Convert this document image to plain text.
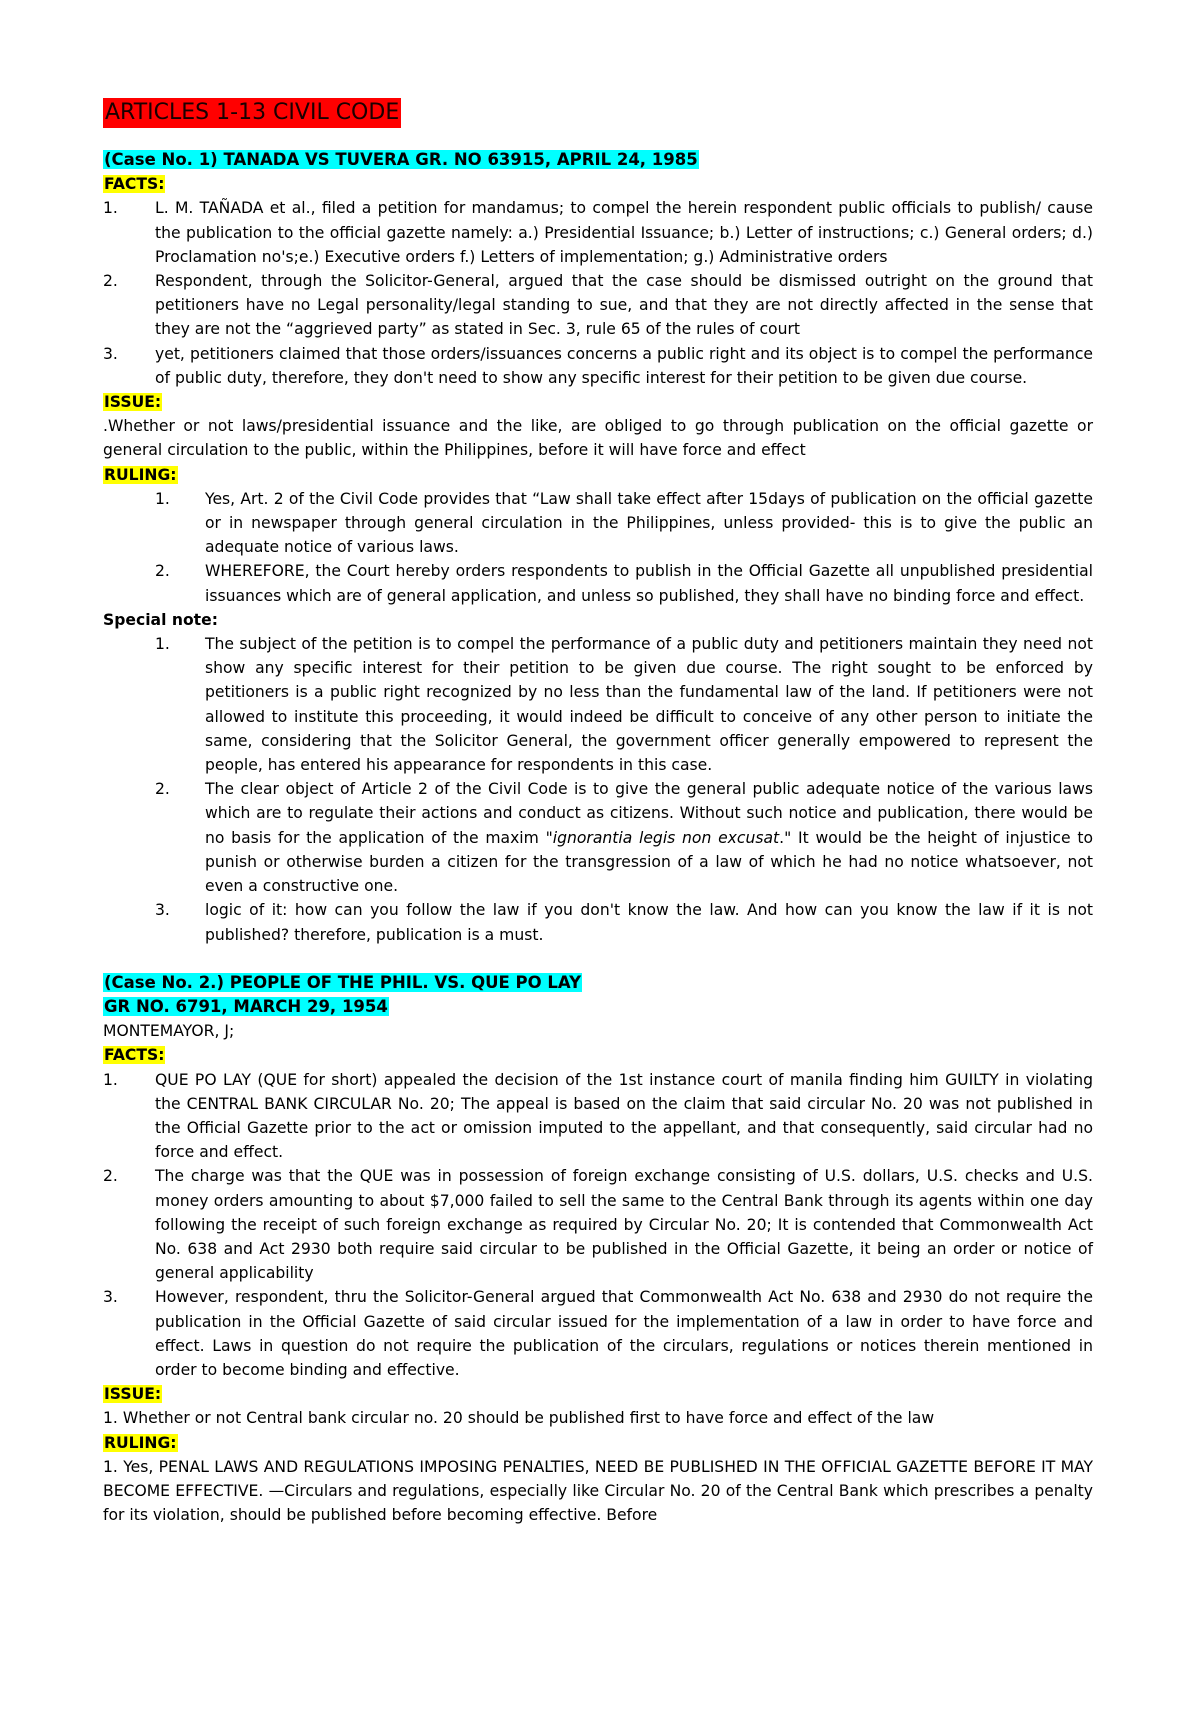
ARTICLES 1-13 CIVIL CODE
(Case No. 1) TANADA VS TUVERA GR. NO 63915, APRIL 24, 1985
FACTS:
1. L. M. TAÑADA et al., filed a petition for mandamus; to compel the herein respondent public officials to publish/ cause the publication to the official gazette namely: a.) Presidential Issuance; b.) Letter of instructions; c.) General orders; d.) Proclamation no's;e.) Executive orders f.) Letters of implementation; g.) Administrative orders
2. Respondent, through the Solicitor-General, argued that the case should be dismissed outright on the ground that petitioners have no Legal personality/legal standing to sue, and that they are not directly affected in the sense that they are not the “aggrieved party” as stated in Sec. 3, rule 65 of the rules of court
3. yet, petitioners claimed that those orders/issuances concerns a public right and its object is to compel the performance of public duty, therefore, they don't need to show any specific interest for their petition to be given due course.
ISSUE:

.Whether or not laws/presidential issuance and the like, are obliged to go through publication on the official gazette or general circulation to the public, within the Philippines, before it will have force and effect

RULING:
1. Yes, Art. 2 of the Civil Code provides that “Law shall take effect after 15days of publication on the official gazette or in newspaper through general circulation in the Philippines, unless provided- this is to give the public an adequate notice of various laws.
2. WHEREFORE, the Court hereby orders respondents to publish in the Official Gazette all unpublished presidential issuances which are of general application, and unless so published, they shall have no binding force and effect.
Special note:
1. The subject of the petition is to compel the performance of a public duty and petitioners maintain they need not show any specific interest for their petition to be given due course. The right sought to be enforced by petitioners is a public right recognized by no less than the fundamental law of the land. If petitioners were not allowed to institute this proceeding, it would indeed be difficult to conceive of any other person to initiate the same, considering that the Solicitor General, the government officer generally empowered to represent the people, has entered his appearance for respondents in this case.
2. The clear object of Article 2 of the Civil Code is to give the general public adequate notice of the various laws which are to regulate their actions and conduct as citizens. Without such notice and publication, there would be no basis for the application of the maxim "ignorantia legis non excusat." It would be the height of injustice to punish or otherwise burden a citizen for the transgression of a law of which he had no notice whatsoever, not even a constructive one.
3. logic of it: how can you follow the law if you don't know the law. And how can you know the law if it is not published? therefore, publication is a must.
(Case No. 2.) PEOPLE OF THE PHIL. VS. QUE PO LAY
GR NO. 6791, MARCH 29, 1954
MONTEMAYOR, J;
FACTS:
1. QUE PO LAY (QUE for short) appealed the decision of the 1st instance court of manila finding him GUILTY in violating the CENTRAL BANK CIRCULAR No. 20; The appeal is based on the claim that said circular No. 20 was not published in the Official Gazette prior to the act or omission imputed to the appellant, and that consequently, said circular had no force and effect.
2. The charge was that the QUE was in possession of foreign exchange consisting of U.S. dollars, U.S. checks and U.S. money orders amounting to about $7,000 failed to sell the same to the Central Bank through its agents within one day following the receipt of such foreign exchange as required by Circular No. 20; It is contended that Commonwealth Act No. 638 and Act 2930 both require said circular to be published in the Official Gazette, it being an order or notice of general applicability
3. However, respondent, thru the Solicitor-General argued that Commonwealth Act No. 638 and 2930 do not require the publication in the Official Gazette of said circular issued for the implementation of a law in order to have force and effect. Laws in question do not require the publication of the circulars, regulations or notices therein mentioned in order to become binding and effective.
ISSUE:

1. Whether or not Central bank circular no. 20 should be published first to have force and effect of the law

RULING:

1. Yes, PENAL LAWS AND REGULATIONS IMPOSING PENALTIES, NEED BE PUBLISHED IN THE OFFICIAL GAZETTE BEFORE IT MAY BECOME EFFECTIVE. —Circulars and regulations, especially like Circular No. 20 of the Central Bank which prescribes a penalty for its violation, should be published before becoming effective. Before
